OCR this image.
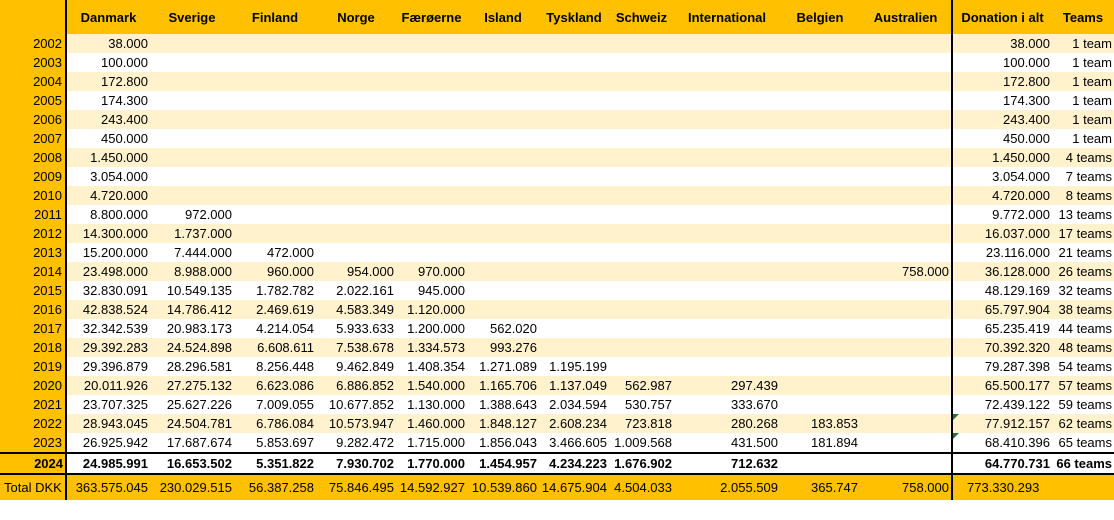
	Danmark	Sverige	Finland	Norge	Færøerne	Island	Tyskland	Schweiz	International	Belgien	Australien	Donation i alt	Teams
2002	38.000											38.000	1 team
2003	100.000											100.000	1 team
2004	172.800											172.800	1 team
2005	174.300											174.300	1 team
2006	243.400											243.400	1 team
2007	450.000											450.000	1 team
2008	1.450.000											1.450.000	4 teams
2009	3.054.000											3.054.000	7 teams
2010	4.720.000											4.720.000	8 teams
2011	8.800.000	972.000										9.772.000	13 teams
2012	14.300.000	1.737.000										16.037.000	17 teams
2013	15.200.000	7.444.000	472.000									23.116.000	21 teams
2014	23.498.000	8.988.000	960.000	954.000	970.000						758.000	36.128.000	26 teams
2015	32.830.091	10.549.135	1.782.782	2.022.161	945.000							48.129.169	32 teams
2016	42.838.524	14.786.412	2.469.619	4.583.349	1.120.000							65.797.904	38 teams
2017	32.342.539	20.983.173	4.214.054	5.933.633	1.200.000	562.020						65.235.419	44 teams
2018	29.392.283	24.524.898	6.608.611	7.538.678	1.334.573	993.276						70.392.320	48 teams
2019	29.396.879	28.296.581	8.256.448	9.462.849	1.408.354	1.271.089	1.195.199					79.287.398	54 teams
2020	20.011.926	27.275.132	6.623.086	6.886.852	1.540.000	1.165.706	1.137.049	562.987	297.439			65.500.177	57 teams
2021	23.707.325	25.627.226	7.009.055	10.677.852	1.130.000	1.388.643	2.034.594	530.757	333.670			72.439.122	59 teams
2022	28.943.045	24.504.781	6.786.084	10.573.947	1.460.000	1.848.127	2.608.234	723.818	280.268	183.853		77.912.157	62 teams
2023	26.925.942	17.687.674	5.853.697	9.282.472	1.715.000	1.856.043	3.466.605	1.009.568	431.500	181.894		68.410.396	65 teams
2024	24.985.991	16.653.502	5.351.822	7.930.702	1.770.000	1.454.957	4.234.223	1.676.902	712.632			64.770.731	66 teams
Total DKK	363.575.045	230.029.515	56.387.258	75.846.495	14.592.927	10.539.860	14.675.904	4.504.033	2.055.509	365.747	758.000	773.330.293	
